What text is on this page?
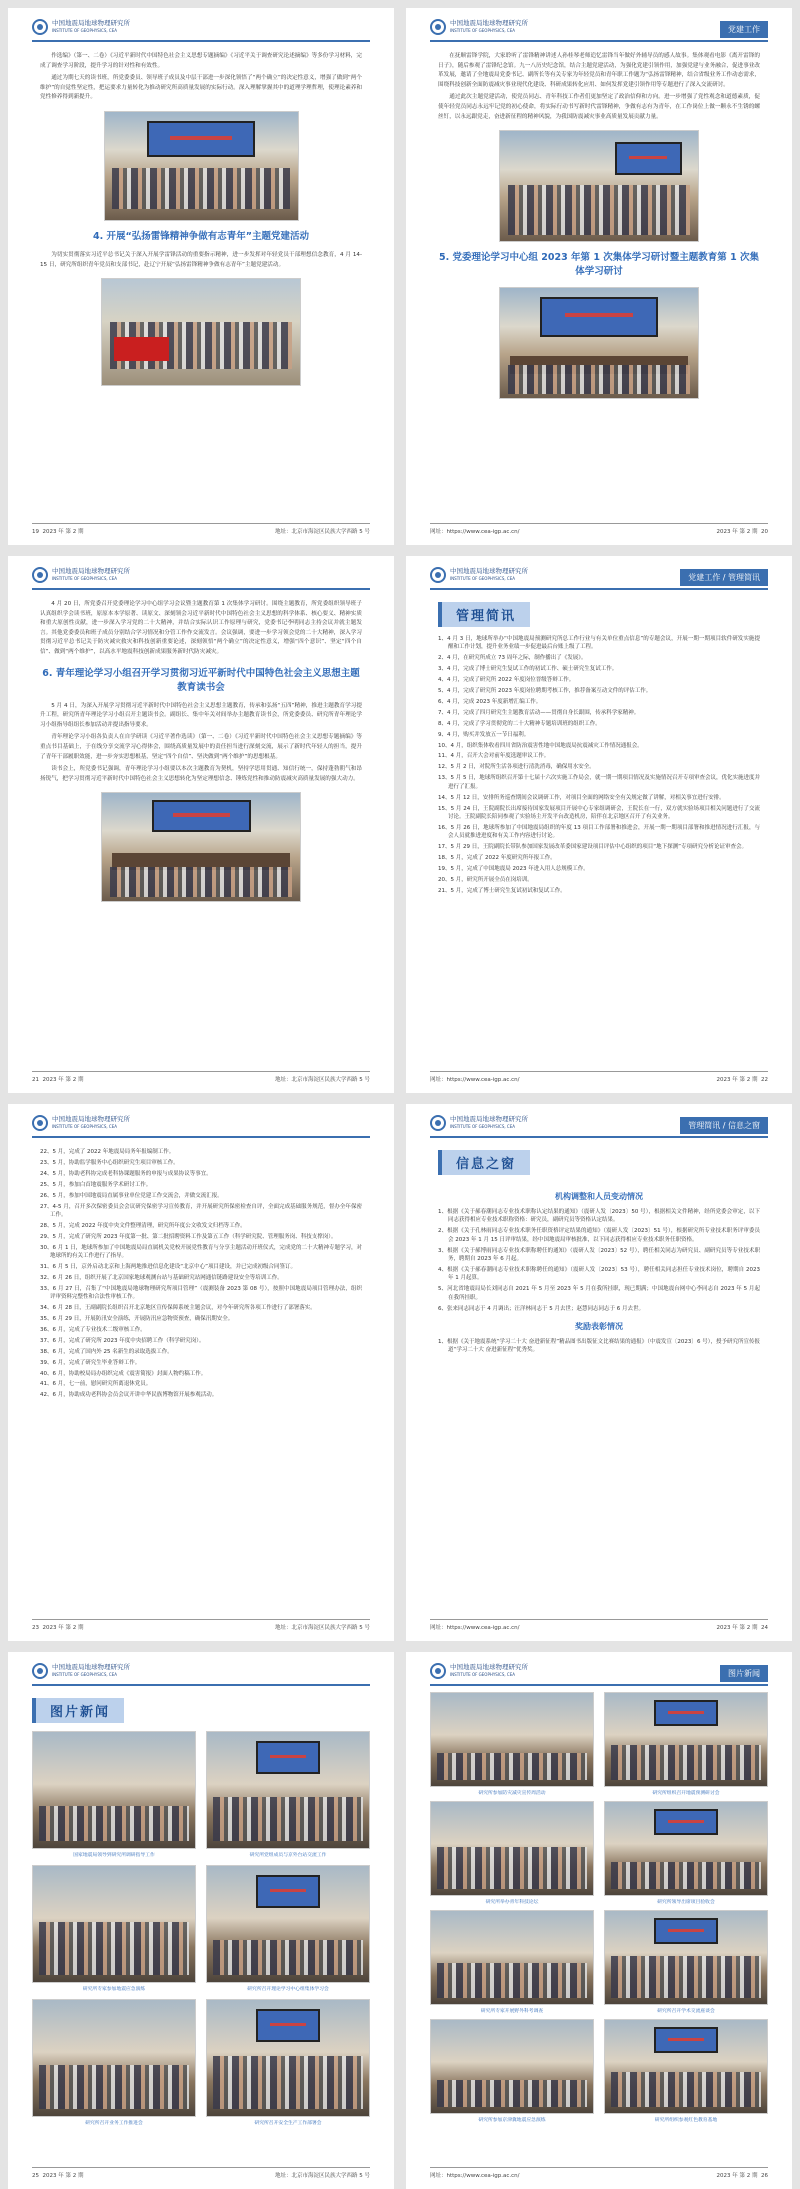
中国地震局地球物理研究所
INSTITUTE OF GEOPHYSICS, CEA

作选编》（第一、二卷）《习近平新时代中国特色社会主义思想专题摘编》《习近平关于调查研究论述摘编》等多份学习材料，完成了调查学习阶段，提升学习的针对性和有效性。

通过为期七天的读书班，所党委委员、领导班子成员及中层干部进一步深化领悟了“两个确立”的决定性意义，增强了做到“两个维护”的自觉性坚定性，把运要求力量转化为推动研究所高质量发展的实际行动。深入理解掌握其中的道理学理哲理，使理论素养和党性修养得到新提升。

4. 开展“弘扬雷锋精神争做有志青年”主题党建活动

为切实贯彻落实习近平总书记关于深入开展学雷锋活动的重要指示精神，进一步发挥对年轻党员干部理想信念教育，4 月 14-15 日，研究所组织青年党员和支部书记，赴辽宁开展“弘扬雷锋精神争做有志青年”主题党建活动。

19 2023 年 第 2 期	地址：北京市海淀区民族大学西路 5 号
中国地震局地球物理研究所
INSTITUTE OF GEOPHYSICS, CEA	党建工作

在抚顺雷锋学院，大家聆听了雷锋精神讲述人孙桂琴老师追忆雷锋当年做好外辅导员的感人故事。集体观看电影《离开雷锋的日子》，随后参观了雷锋纪念馆。九一八历史纪念馆，结合主题党建活动，为强化党建引领作用，加强党建与业务融合，促进事业改革发展，邀请了全地震局党委书记、副所长等有关专家为年轻党员和青年职工作题为“弘扬雷锋精神，结合省级业务工作动态需求，围绕科技创新全面防震减灾事业现代化建设、科研成果转化应用、如何发挥党建引领作用等专题进行了深入交流研讨。

通过此次主题党建活动，使党员同志、青年科技工作者们更加坚定了政治信仰和方向。进一步增强了党性观念和道德素质，促使年轻党员同志永远牢记党的初心使命，将实际行动书写新时代雷锋精神，争做有志有为青年，在工作岗位上做一颗永不生锈的螺丝钉，以永远跟党走，奋进新征程的精神风貌，为我国防震减灾事业高质量发展贡献力量。

5. 党委理论学习中心组 2023 年第 1 次集体学习研讨暨主题教育第 1 次集体学习研讨
网址：https://www.cea-igp.ac.cn/	2023 年 第 2 期 20
中国地震局地球物理研究所
INSTITUTE OF GEOPHYSICS, CEA

4 月 20 日，所党委召开党委理论学习中心组学习会议暨主题教育第 1 次集体学习研讨。围绕主题教育，所党委组织领导班子认真组织学会读书班，原原本本学原著、读原文、深刻领会习近平新时代中国特色社会主义思想的科学体系、核心要义、精神实质和重大原创性贡献，进一步深入学习党的二十大精神，并结合实际认识工作原理与研究，党委书记李明同志主持会议并就主题发言。其他党委委员和班子成员分别结合学习情况和分管工作作交流发言。会议强调，要进一步学习领会党的二十大精神，深入学习贯彻习近平总书记关于防灾减灾救灾和科技创新重要论述，深刻领悟“两个确立”的决定性意义，增强“四个意识”、坚定“四个自信”、做到“两个维护”，以高水平地震科技创新成果服务新时代防灾减灾。

6. 青年理论学习小组召开学习贯彻习近平新时代中国特色社会主义思想主题教育读书会

5 月 4 日，为深入开展学习贯彻习近平新时代中国特色社会主义思想主题教育，传承和弘扬“五四”精神，推进主题教育学习提升工程，研究所青年理论学习小组召开主题读书会。副组长、集中年关对间举办主题教育读书会，所党委委员、研究所青年理论学习小组指导组组长参加活动并提出指导要求。

青年理论学习小组各负责人在自学研读《习近平著作选读》（第一、二卷）《习近平新时代中国特色社会主义思想专题摘编》等重点书目基础上，于在线分享交流学习心得体会，围绕高质量发展中的责任担当进行深刻交流，展示了新时代年轻人的担当，提升了青年干部履职效能，进一步夯实思想根基，坚定“四个自信”、坚决做到“两个维护”的思想根基。

读书会上，所党委书记强调，青年理论学习小组要以本次主题教育为契机，坚持学思用贯通、知信行统一，保持蓬勃朝气和昂扬锐气，把学习贯彻习近平新时代中国特色社会主义思想转化为坚定理想信念、锤炼党性和推动防震减灾高质量发展的强大动力。

21 2023 年 第 2 期	地址：北京市海淀区民族大学西路 5 号
中国地震局地球物理研究所
INSTITUTE OF GEOPHYSICS, CEA	党建工作 / 管理简讯
管理简讯

1、4 月 3 日，地球所举办“中国地震局预测研究所总工作行业与有关单位重点信息”的专题会议，开展一期一期项目软件研发实施提醒和工作计划，提升业务业绩一步促进最后台账上级了工程。

2、4 月，在研究所成立 73 周年之际，制作播出了《发展》。

3、4 月，完成了博士研究生复试工作的初试工作、硕士研究生复试工作。

4、4 月，完成了研究所 2022 年度岗位晋级答辩工作。

5、4 月，完成了研究所 2023 年度岗位聘期考核工作，推荐备案互动文件的评估工作。

6、4 月，完成 2023 年度新增汇编工作。

7、4 月，完成了四月研究生主题教育活动——贯彻自身长跟围，传承科学家精神。

8、4 月，完成了学习贯彻党的二十大精神专题培训班的组织工作。

9、4 月，购买并发放五一节日福利。

10、4 月，组织集体收看四川省防治震害性地中国地震局抗震减灾工作情况通报会。

11、4 月，召开大会对前年度选题审议工作。

12、5 月 2 日，对院所生活各项进行清洗消毒，确保用水安全。

13、5 月 5 日，地球所组织召开第十七届十六次实施工作局会，就一期一期项目情况及实施情况召开专项审查会议，优化实施进度并进行了汇报。

14、5 月 12 日，安排所务巡查期间会议调研工作，对项目全面的网络安全有关规定做了讲解，对相关事宜进行安排。

15、5 月 24 日，王院副院长出席接待国家发展项目开展中心专家组调研会，王院长在一行，双方就实验场项目相关问题进行了交流讨论。王院副院长陪同参观了实验场主开发平台改造机房，陪伴在北京地区召开了有关业务。

16、5 月 26 日，地球所参加了中国地震局组织的年度 13 项目工作部署和推进会，开展一期一期项目部署和推进情况进行汇报，与会人员就推进进度和有关工作内容进行讨论。

17、5 月 29 日，王院副院长带队参加国家发展改革委国家建设项目评估中心组织的项目“地下探测”专项研究分析论证审查会。

18、5 月，完成了 2022 年度研究所年报工作。

19、5 月，完成了中国地震局 2023 年进入用人总规模工作。

20、5 月，研究所开展全员在岗培训。

21、5 月，完成了博士研究生复试初试和复试工作。

网址：https://www.cea-igp.ac.cn/	2023 年 第 2 期 22
中国地震局地球物理研究所
INSTITUTE OF GEOPHYSICS, CEA

22、5 月，完成了 2022 年地震局局务年报编制工作。

23、5 月，协助监学服务中心组织研究生项目审核工作。

24、5 月，协助老科协完成老科协课题服务的申报与成果协议等事宜。

25、5 月，参加白首地震服务学术研讨工作。

26、5 月，参加中国地震局直属事业单位党建工作交流会，并做交流汇报。

27、4-5 月，召开多次保密委员会会议研究保密学习宣传教育，并开展研究所保密检查自评，全面完成基础服务规范，督办全年保密工作。

28、5 月，完成 2022 年度中央文件整理清理，研究所年度公文收发文归档等工作。

29、5 月，完成了研究所 2023 年度第一批、第二批招聘资料工作及第五工作（科学研究院、管理服务岗、科技支撑岗）。

30、6 月 1 日，地球所参加了中国地震局局直属机关党校开展党性教育与分享主题活动开班仪式，完成党的二十大精神专题学习，对地球所的有关工作进行了指导。

31、6 月 5 日，京外启动北京和上海两地推进信息化建设“北京中心”项目建设，并已完成初级合同签订。

32、6 月 26 日，组织开展了北京国家地球观测台站与基础研究站网通信链路建设安全等培训工作。

33、6 月 27 日，召集了“中国地震局地球物理研究所项目管理”（震测装备 2023 第 08 号），按照中国地震局项目管理办法，组织评审资料完整性和合法性审核工作。

34、6 月 28 日，王副副院长组织召开北京地区宣传保障系统主题会议，对今年研究所各项工作进行了部署落实。

35、6 月 29 日，开展防汛安全演练，开展防汛应急物资预查，确保汛期安全。

36、6 月，完成了专业技术二级审核工作。

37、6 月，完成了研究所 2023 年度中央招聘工作（科学研究岗）。

38、6 月，完成了国内外 25 名新生的录取选拔工作。

39、6 月，完成了研究生毕业答辩工作。

40、6 月，协助校局局办组织完成《震害简报》封面人物约稿工作。

41、6 月，七一前，慰问研究所离退休党员。

42、6 月，协助成功老科协会员会议开讲中华民族博物馆开展参观活动。

23 2023 年 第 2 期	地址：北京市海淀区民族大学西路 5 号
中国地震局地球物理研究所
INSTITUTE OF GEOPHYSICS, CEA	管理简讯 / 信息之窗
信息之窗
机构调整和人员变动情况

1、根据《关于郝春潮同志专业技术职称认定结果的通知》（震研人发〔2023〕50 号），根据相关文件精神，经所党委会审定，以下同志获得相应专业技术职称资格：研究员，副研究员等资格认定结果。

2、根据《关于孔林雨同志专业技术职务任职资格评定结果的通知》（震研人发〔2023〕51 号），根据研究所专业技术职务评审委员会 2023 年 1 月 15 日评审结果，经中国地震局审核批准，以下同志获得相应专业技术职务任职资格。

3、根据《关于郝博雨同志专业技术职称聘任的通知》（震研人发〔2023〕52 号），聘任相关同志为研究员、副研究员等专业技术职务，聘期自 2023 年 6 月起。

4、根据《关于郝春潮同志专业技术职称聘任的通知》（震研人发〔2023〕53 号），聘任相关同志担任专业技术岗位，聘期自 2023 年 1 月起算。

5、河北省地震局局长刘同志自 2021 年 5 月至 2023 年 5 月在我所挂职，现已期满；中国地震台网中心李同志自 2023 年 5 月起在我所挂职。

6、张来同志同志于 4 月调出；汪洋林同志于 5 月去世；赵慧同志同志于 6 月去世。

奖励表彰情况

1、根据《关于地震系统“学习二十大 奋进新征程”精品图书出版征文比赛结果的通报》（中震发宣〔2023〕6 号），授予研究所宣传报道“学习二十大 奋进新征程”优秀奖。

网址：https://www.cea-igp.ac.cn/	2023 年 第 2 期 24
中国地震局地球物理研究所
INSTITUTE OF GEOPHYSICS, CEA
图片新闻
国家地震局领导到研究所调研指导工作	研究所党组成员与京外台站交流工作
研究所专家参加地震应急演练	研究所召开理论学习中心组集体学习会
研究所召开业务工作推进会	研究所召开安全生产工作部署会
25 2023 年 第 2 期	地址：北京市海淀区民族大学西路 5 号
中国地震局地球物理研究所
INSTITUTE OF GEOPHYSICS, CEA	图片新闻
研究所参加防灾减灾宣传周活动	研究所组织召开地震预测研讨会
研究所举办青年科技论坛	研究所领导出席项目验收会
研究所专家开展野外科考调查	研究所召开学术交流座谈会
研究所参加京津冀地震应急演练	研究所组织参观红色教育基地
网址：https://www.cea-igp.ac.cn/	2023 年 第 2 期 26
